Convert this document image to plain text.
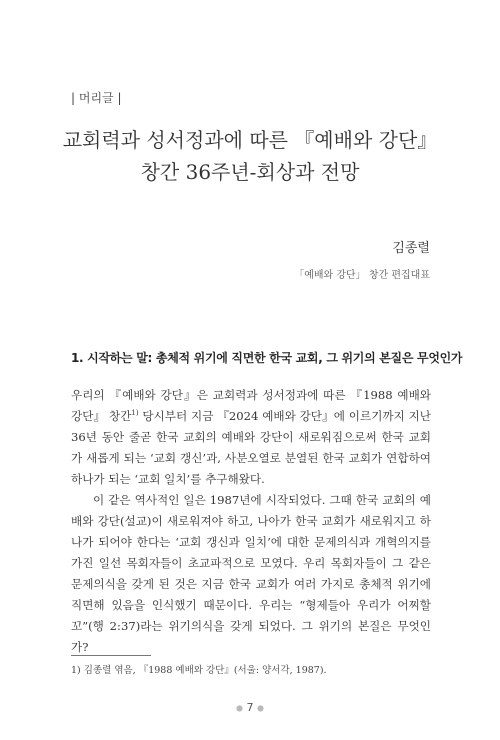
| 머리글 |
교회력과 성서정과에 따른 『예배와 강단』
창간 36주년-회상과 전망
김종렬
「예배와 강단」 창간 편집대표
1. 시작하는 말: 총체적 위기에 직면한 한국 교회, 그 위기의 본질은 무엇인가

우리의 『예배와 강단』은 교회력과 성서정과에 따른 『1988 예배와 강단』 창간$^{1)}$ 당시부터 지금 『2024 예배와 강단』에 이르기까지 지난 36년 동안 줄곧 한국 교회의 예배와 강단이 새로워짐으로써 한국 교회가 새롭게 되는 ‘교회 갱신’과, 사분오열로 분열된 한국 교회가 연합하여 하나가 되는 ‘교회 일치’를 추구해왔다.

이 같은 역사적인 일은 1987년에 시작되었다. 그때 한국 교회의 예배와 강단(설교)이 새로워져야 하고, 나아가 한국 교회가 새로워지고 하나가 되어야 한다는 ‘교회 갱신과 일치’에 대한 문제의식과 개혁의지를 가진 일선 목회자들이 초교파적으로 모였다. 우리 목회자들이 그 같은 문제의식을 갖게 된 것은 지금 한국 교회가 여러 가지로 총체적 위기에 직면해 있음을 인식했기 때문이다. 우리는 “형제들아 우리가 어찌할꼬”(행 2:37)라는 위기의식을 갖게 되었다. 그 위기의 본질은 무엇인가?

1) 김종렬 엮음, 『1988 예배와 강단』(서울: 양서각, 1987).
● 7 ●
